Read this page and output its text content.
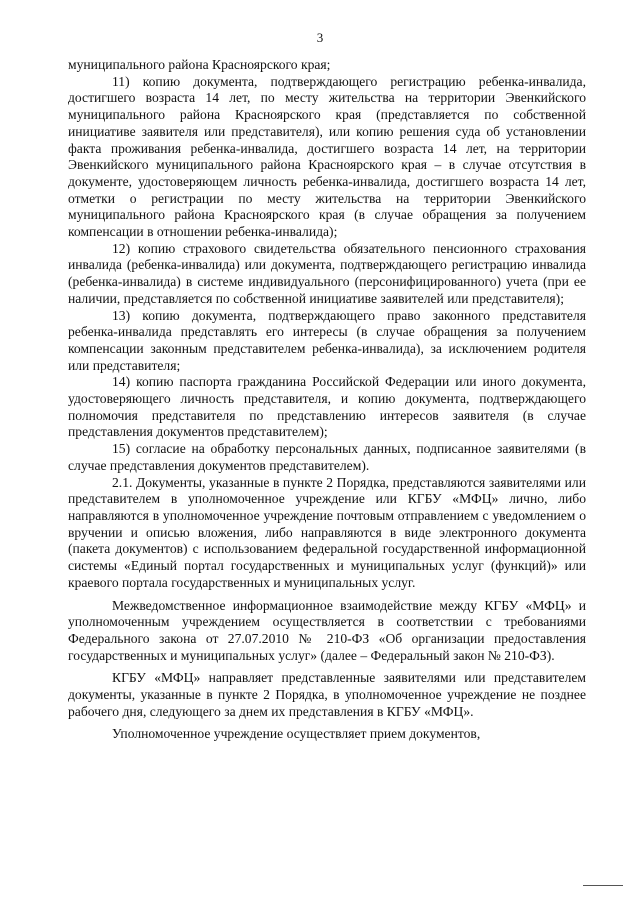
3

муниципального района Красноярского края;

11) копию документа, подтверждающего регистрацию ребенка-инвалида, достигшего возраста 14 лет, по месту жительства на территории Эвенкийского муниципального района Красноярского края (представляется по собственной инициативе заявителя или представителя), или копию решения суда об установлении факта проживания ребенка-инвалида, достигшего возраста 14 лет, на территории Эвенкийского муниципального района Красноярского края – в случае отсутствия в документе, удостоверяющем личность ребенка-инвалида, достигшего возраста 14 лет, отметки о регистрации по месту жительства на территории Эвенкийского муниципального района Красноярского края (в случае обращения за получением компенсации в отношении ребенка-инвалида);

12) копию страхового свидетельства обязательного пенсионного страхования инвалида (ребенка-инвалида) или документа, подтверждающего регистрацию инвалида (ребенка-инвалида) в системе индивидуального (персонифицированного) учета (при ее наличии, представляется по собственной инициативе заявителей или представителя);

13) копию документа, подтверждающего право законного представителя ребенка-инвалида представлять его интересы (в случае обращения за получением компенсации законным представителем ребенка-инвалида), за исключением родителя или представителя;

14) копию паспорта гражданина Российской Федерации или иного документа, удостоверяющего личность представителя, и копию документа, подтверждающего полномочия представителя по представлению интересов заявителя (в случае представления документов представителем);

15) согласие на обработку персональных данных, подписанное заявителями (в случае представления документов представителем).

2.1. Документы, указанные в пункте 2 Порядка, представляются заявителями или представителем в уполномоченное учреждение или КГБУ «МФЦ» лично, либо направляются в уполномоченное учреждение почтовым отправлением с уведомлением о вручении и описью вложения, либо направляются в виде электронного документа (пакета документов) с использованием федеральной государственной информационной системы «Единый портал государственных и муниципальных услуг (функций)» или краевого портала государственных и муниципальных услуг.

Межведомственное информационное взаимодействие между КГБУ «МФЦ» и уполномоченным учреждением осуществляется в соответствии с требованиями Федерального закона от 27.07.2010 № 210-ФЗ «Об организации предоставления государственных и муниципальных услуг» (далее – Федеральный закон № 210-ФЗ).

КГБУ «МФЦ» направляет представленные заявителями или представителем документы, указанные в пункте 2 Порядка, в уполномоченное учреждение не позднее рабочего дня, следующего за днем их представления в КГБУ «МФЦ».

Уполномоченное учреждение осуществляет прием документов,
